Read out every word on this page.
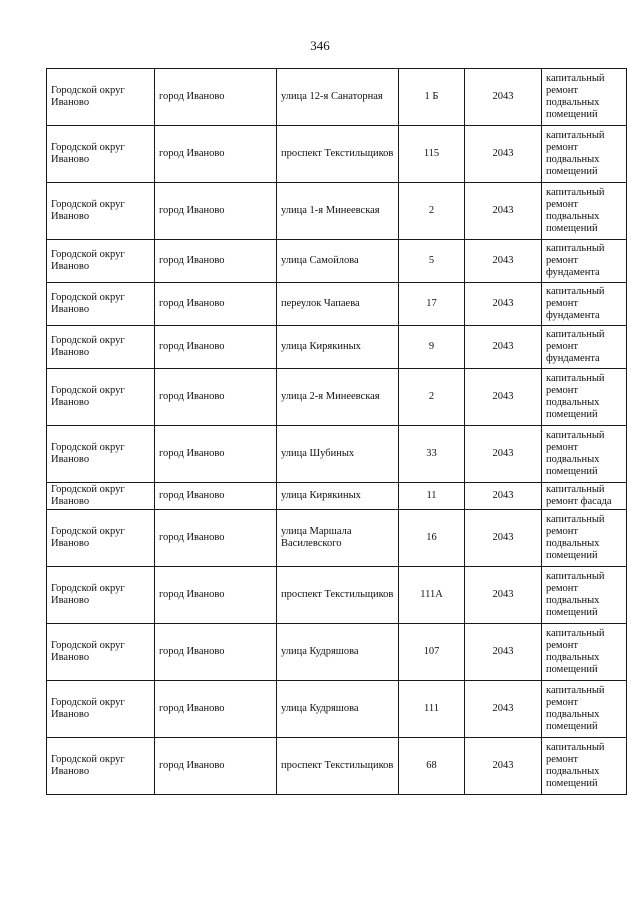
346
Городской округ Иваново	город Иваново	улица 12-я Санаторная	1 Б	2043	капитальный ремонт подвальных помещений
Городской округ Иваново	город Иваново	проспект Текстильщиков	115	2043	капитальный ремонт подвальных помещений
Городской округ Иваново	город Иваново	улица 1-я Минеевская	2	2043	капитальный ремонт подвальных помещений
Городской округ Иваново	город Иваново	улица Самойлова	5	2043	капитальный ремонт фундамента
Городской округ Иваново	город Иваново	переулок Чапаева	17	2043	капитальный ремонт фундамента
Городской округ Иваново	город Иваново	улица Кирякиных	9	2043	капитальный ремонт фундамента
Городской округ Иваново	город Иваново	улица 2-я Минеевская	2	2043	капитальный ремонт подвальных помещений
Городской округ Иваново	город Иваново	улица Шубиных	33	2043	капитальный ремонт подвальных помещений
Городской округ Иваново	город Иваново	улица Кирякиных	11	2043	капитальный ремонт фасада
Городской округ Иваново	город Иваново	улица Маршала Василевского	16	2043	капитальный ремонт подвальных помещений
Городской округ Иваново	город Иваново	проспект Текстильщиков	111А	2043	капитальный ремонт подвальных помещений
Городской округ Иваново	город Иваново	улица Кудряшова	107	2043	капитальный ремонт подвальных помещений
Городской округ Иваново	город Иваново	улица Кудряшова	111	2043	капитальный ремонт подвальных помещений
Городской округ Иваново	город Иваново	проспект Текстильщиков	68	2043	капитальный ремонт подвальных помещений
